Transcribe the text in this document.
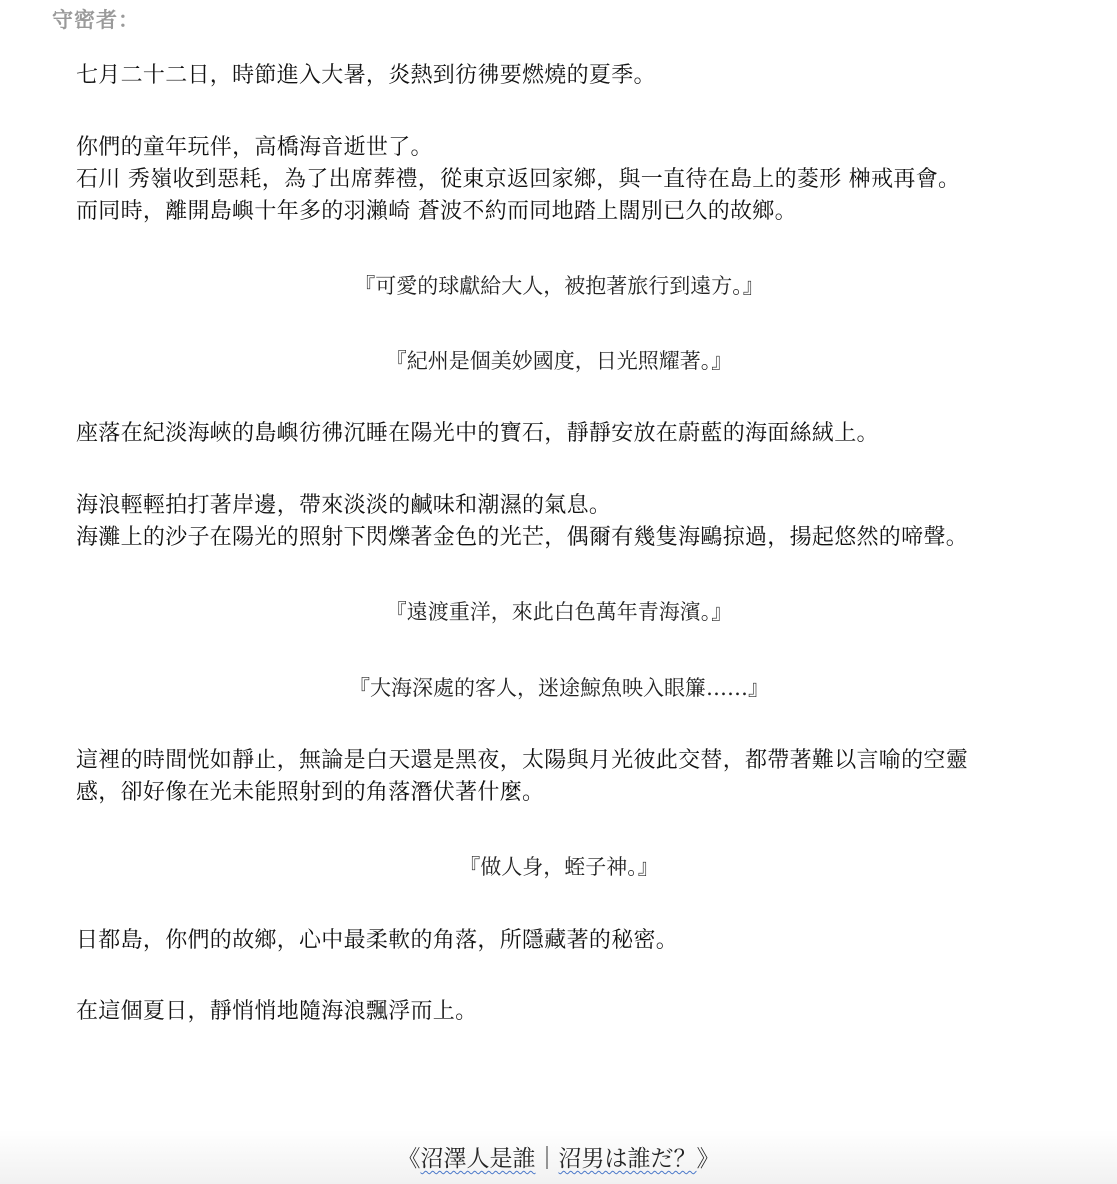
守密者：
七月二十二日，時節進入大暑，炎熱到彷彿要燃燒的夏季。
你們的童年玩伴，高橋海音逝世了。
石川 秀嶺收到惡耗，為了出席葬禮，從東京返回家鄉，與一直待在島上的菱形 榊戒再會。
而同時，離開島嶼十年多的羽瀨崎 蒼波不約而同地踏上闊別已久的故鄉。
『可愛的球獻給大人，被抱著旅行到遠方。』
『紀州是個美妙國度，日光照耀著。』
座落在紀淡海峽的島嶼彷彿沉睡在陽光中的寶石，靜靜安放在蔚藍的海面絲絨上。
海浪輕輕拍打著岸邊，帶來淡淡的鹹味和潮濕的氣息。
海灘上的沙子在陽光的照射下閃爍著金色的光芒，偶爾有幾隻海鷗掠過，揚起悠然的啼聲。
『遠渡重洋，來此白色萬年青海濱。』
『大海深處的客人，迷途鯨魚映入眼簾……』
這裡的時間恍如靜止，無論是白天還是黑夜，太陽與月光彼此交替，都帶著難以言喻的空靈
感，卻好像在光未能照射到的角落潛伏著什麼。
『做人身，蛭子神。』
日都島，你們的故鄉，心中最柔軟的角落，所隱藏著的秘密。
在這個夏日，靜悄悄地隨海浪飄浮而上。
《沼澤人是誰｜沼男は誰だ？》
